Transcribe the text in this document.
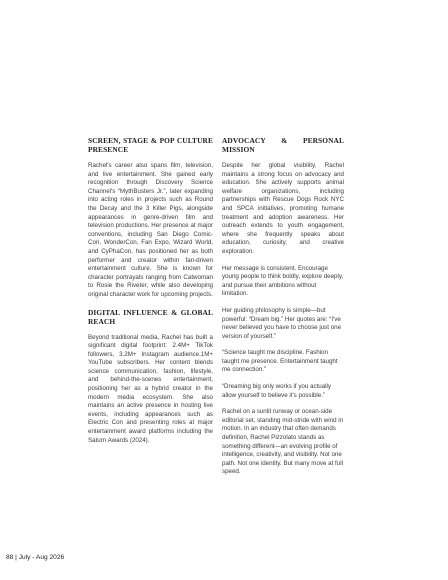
SCREEN, STAGE & POP CULTURE PRESENCE

Rachel's career also spans film, television, and live entertainment. She gained early recognition through Discovery Science Channel's “MythBusters Jr.”, later expanding into acting roles in projects such as Round the Decay and the 3 Killer Pigs, alongside appearances in genre-driven film and television productions. Her presence at major conventions, including San Diego Comic-Con, WonderCon, Fan Expo, Wizard World, and CyPhaCon, has positioned her as both performer and creator within fan-driven entertainment culture. She is known for character portrayals ranging from Catwoman to Rosie the Riveter, while also developing original character work for upcoming projects.

DIGITAL INFLUENCE & GLOBAL REACH

Beyond traditional media, Rachel has built a significant digital footprint: 2.4M+ TikTok followers, 3.2M+ Instagram audience,1M+ YouTube subscribers. Her content blends science communication, fashion, lifestyle, and behind-the-scenes entertainment, positioning her as a hybrid creator in the modern media ecosystem. She also maintains an active presence in hosting live events, including appearances such as Electric Con and presenting roles at major entertainment award platforms including the Saturn Awards (2024).

ADVOCACY & PERSONAL MISSION

Despite her global visibility, Rachel maintains a strong focus on advocacy and education. She actively supports animal welfare organizations, including partnerships with Rescue Dogs Rock NYC and SPCA initiatives, promoting humane treatment and adoption awareness. Her outreach extends to youth engagement, where she frequently speaks about education, curiosity, and creative exploration.

Her message is consistent. Encourage young people to think boldly, explore deeply, and pursue their ambitions without limitation.

Her guiding philosophy is simple—but powerful: “Dream big.” Her quotes are: “I've never believed you have to choose just one version of yourself.”

“Science taught me discipline. Fashion taught me presence. Entertainment taught me connection.”

“Dreaming big only works if you actually allow yourself to believe it's possible.”

Rachel on a sunlit runway or ocean-side editorial set, standing mid-stride with wind in motion. In an industry that often demands definition, Rachel Pizzolato stands as something different—an evolving profile of intelligence, creativity, and visibility. Not one path. Not one identity. But many move at full speed.

88 | July - Aug 2026
